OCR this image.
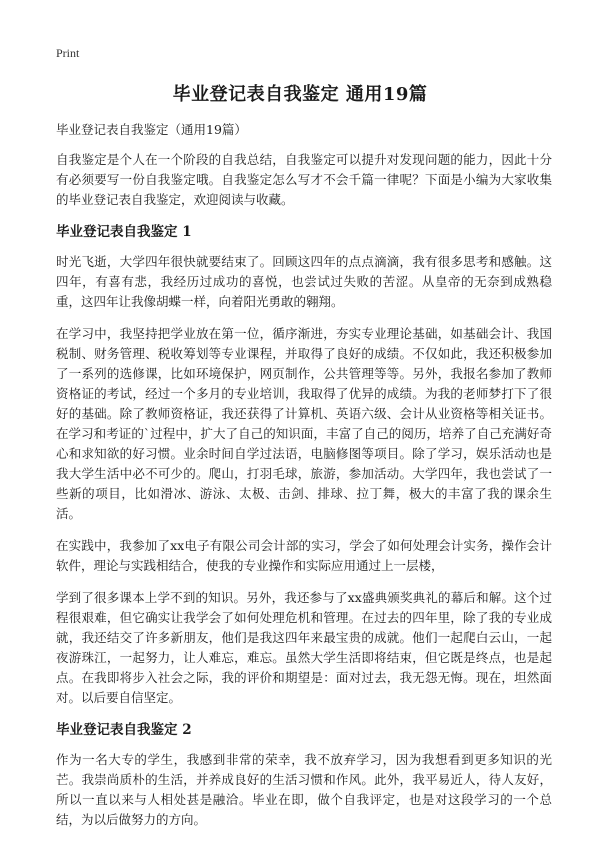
Print
毕业登记表自我鉴定 通用19篇
毕业登记表自我鉴定（通用19篇）

自我鉴定是个人在一个阶段的自我总结，自我鉴定可以提升对发现问题的能力，因此十分有必须要写一份自我鉴定哦。自我鉴定怎么写才不会千篇一律呢？下面是小编为大家收集的毕业登记表自我鉴定，欢迎阅读与收藏。

毕业登记表自我鉴定 1

时光飞逝，大学四年很快就要结束了。回顾这四年的点点滴滴，我有很多思考和感触。这四年，有喜有悲，我经历过成功的喜悦，也尝试过失败的苦涩。从皇帝的无奈到成熟稳重，这四年让我像胡蝶一样，向着阳光勇敢的翱翔。

在学习中，我坚持把学业放在第一位，循序渐进，夯实专业理论基础，如基础会计、我国税制、财务管理、税收筹划等专业课程，并取得了良好的成绩。不仅如此，我还积极参加了一系列的选修课，比如环境保护，网页制作，公共管理等等。另外，我报名参加了教师资格证的考试，经过一个多月的专业培训，我取得了优异的成绩。为我的老师梦打下了很好的基础。除了教师资格证，我还获得了计算机、英语六级、会计从业资格等相关证书。在学习和考证的`过程中，扩大了自己的知识面，丰富了自己的阅历，培养了自己充满好奇心和求知欲的好习惯。业余时间自学过法语，电脑修图等项目。除了学习，娱乐活动也是我大学生活中必不可少的。爬山，打羽毛球，旅游，参加活动。大学四年，我也尝试了一些新的项目，比如滑冰、游泳、太极、击剑、排球、拉丁舞，极大的丰富了我的课余生活。

在实践中，我参加了xx电子有限公司会计部的实习，学会了如何处理会计实务，操作会计软件，理论与实践相结合，使我的专业操作和实际应用通过上一层楼，

学到了很多课本上学不到的知识。另外，我还参与了xx盛典颁奖典礼的幕后和解。这个过程很艰难，但它确实让我学会了如何处理危机和管理。在过去的四年里，除了我的专业成就，我还结交了许多新朋友，他们是我这四年来最宝贵的成就。他们一起爬白云山，一起夜游珠江，一起努力，让人难忘，难忘。虽然大学生活即将结束，但它既是终点，也是起点。在我即将步入社会之际，我的评价和期望是：面对过去，我无怨无悔。现在，坦然面对。以后要自信坚定。

毕业登记表自我鉴定 2

作为一名大专的学生，我感到非常的荣幸，我不放弃学习，因为我想看到更多知识的光芒。我崇尚质朴的生活，并养成良好的生活习惯和作风。此外，我平易近人，待人友好，所以一直以来与人相处甚是融洽。毕业在即，做个自我评定，也是对这段学习的一个总结，为以后做努力的方向。
